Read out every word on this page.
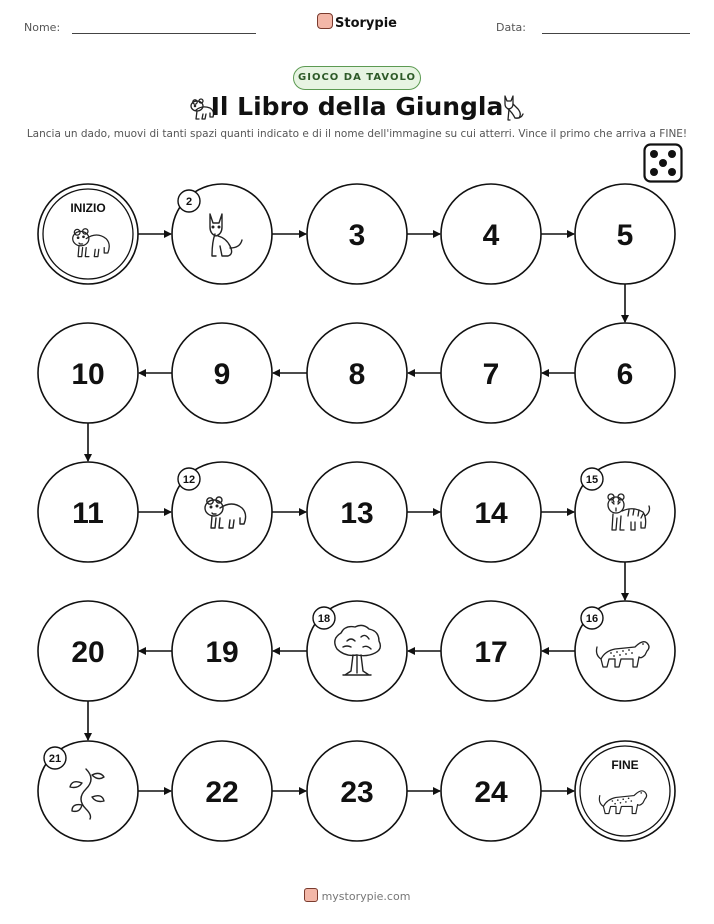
Nome:	Storypie	Data:
GIOCO DA TAVOLO
Il Libro della Giungla
Lancia un dado, muovi di tanti spazi quanti indicato e di il nome dell'immagine su cui atterri. Vince il primo che arriva a FINE!
INIZIO	2
3	4	5
6
7
8
9
10
11
12
13	14
15
16
17
18
19
20
21
22	23	24
FINE
mystorypie.com
